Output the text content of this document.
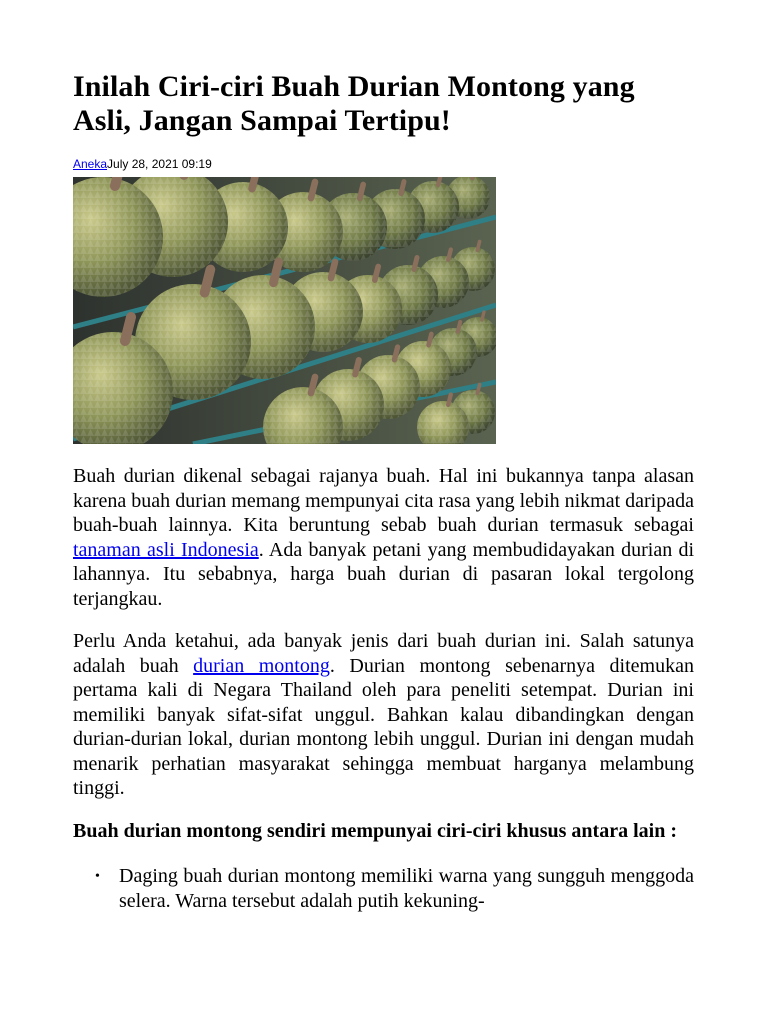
Inilah Ciri-ciri Buah Durian Montong yang Asli, Jangan Sampai Tertipu!
AnekaJuly 28, 2021 09:19

Buah durian dikenal sebagai rajanya buah. Hal ini bukannya tanpa alasan karena buah durian memang mempunyai cita rasa yang lebih nikmat daripada buah-buah lainnya. Kita beruntung sebab buah durian termasuk sebagai tanaman asli Indonesia. Ada banyak petani yang membudidayakan durian di lahannya. Itu sebabnya, harga buah durian di pasaran lokal tergolong terjangkau.

Perlu Anda ketahui, ada banyak jenis dari buah durian ini. Salah satunya adalah buah durian montong. Durian montong sebenarnya ditemukan pertama kali di Negara Thailand oleh para peneliti setempat. Durian ini memiliki banyak sifat-sifat unggul. Bahkan kalau dibandingkan dengan durian-durian lokal, durian montong lebih unggul. Durian ini dengan mudah menarik perhatian masyarakat sehingga membuat harganya melambung tinggi.

Buah durian montong sendiri mempunyai ciri-ciri khusus antara lain :

• Daging buah durian montong memiliki warna yang sungguh menggoda selera. Warna tersebut adalah putih kekuning-
